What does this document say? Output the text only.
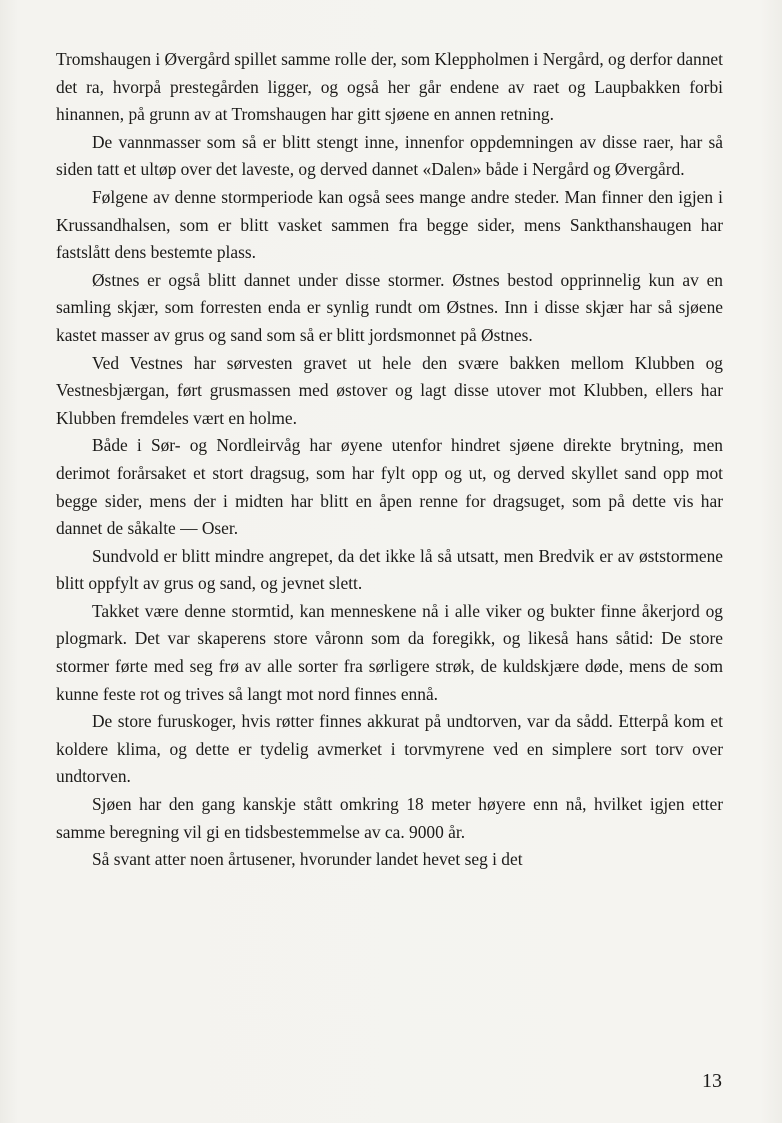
Tromshaugen i Øvergård spillet samme rolle der, som Kleppholmen i Nergård, og derfor dannet det ra, hvorpå prestegården ligger, og også her går endene av raet og Laupbakken forbi hinannen, på grunn av at Tromshaugen har gitt sjøene en annen retning.

De vannmasser som så er blitt stengt inne, innenfor oppdemningen av disse raer, har så siden tatt et ultøp over det laveste, og derved dannet «Dalen» både i Nergård og Øvergård.

Følgene av denne stormperiode kan også sees mange andre steder. Man finner den igjen i Krussandhalsen, som er blitt vasket sammen fra begge sider, mens Sankthanshaugen har fastslått dens bestemte plass.

Østnes er også blitt dannet under disse stormer. Østnes bestod opprinnelig kun av en samling skjær, som forresten enda er synlig rundt om Østnes. Inn i disse skjær har så sjøene kastet masser av grus og sand som så er blitt jordsmonnet på Østnes.

Ved Vestnes har sørvesten gravet ut hele den svære bakken mellom Klubben og Vestnesbjærgan, ført grusmassen med østover og lagt disse utover mot Klubben, ellers har Klubben fremdeles vært en holme.

Både i Sør- og Nordleirvåg har øyene utenfor hindret sjøene direkte brytning, men derimot forårsaket et stort dragsug, som har fylt opp og ut, og derved skyllet sand opp mot begge sider, mens der i midten har blitt en åpen renne for dragsuget, som på dette vis har dannet de såkalte — Oser.

Sundvold er blitt mindre angrepet, da det ikke lå så utsatt, men Bredvik er av øststormene blitt oppfylt av grus og sand, og jevnet slett.

Takket være denne stormtid, kan menneskene nå i alle viker og bukter finne åkerjord og plogmark. Det var skaperens store våronn som da foregikk, og likeså hans såtid: De store stormer førte med seg frø av alle sorter fra sørligere strøk, de kuldskjære døde, mens de som kunne feste rot og trives så langt mot nord finnes ennå.

De store furuskoger, hvis røtter finnes akkurat på undtorven, var da sådd. Etterpå kom et koldere klima, og dette er tydelig avmerket i torvmyrene ved en simplere sort torv over undtorven.

Sjøen har den gang kanskje stått omkring 18 meter høyere enn nå, hvilket igjen etter samme beregning vil gi en tidsbestemmelse av ca. 9000 år.

Så svant atter noen årtusener, hvorunder landet hevet seg i det

13
